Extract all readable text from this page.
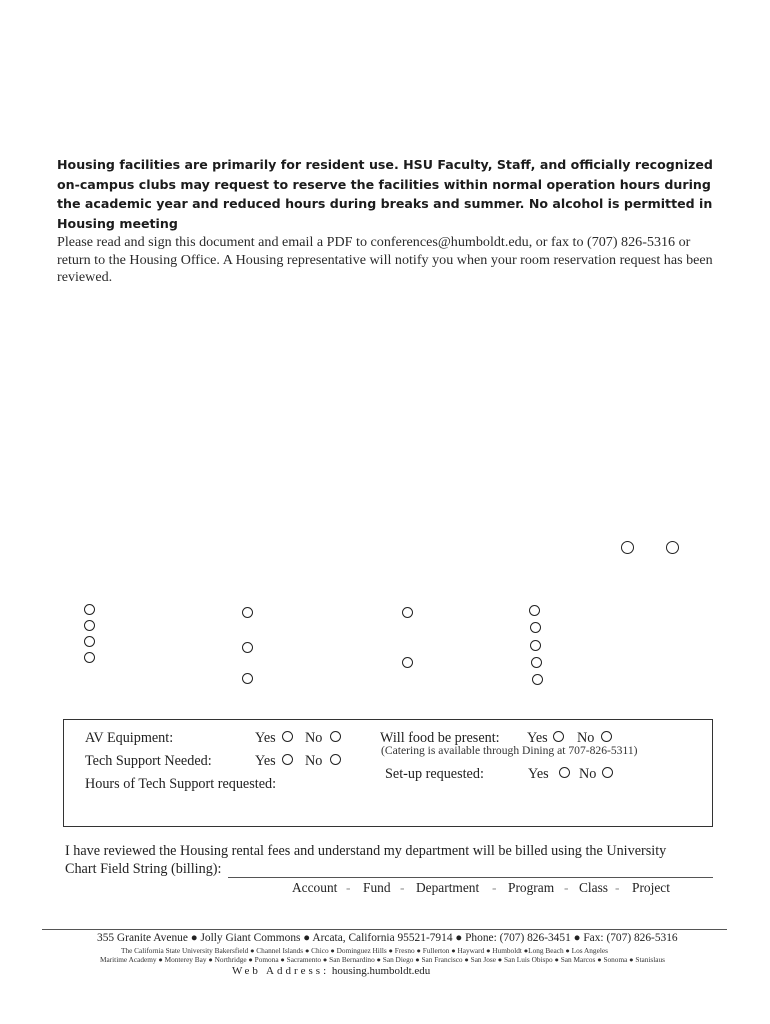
Housing facilities are primarily for resident use. HSU Faculty, Staff, and officially recognized on-campus clubs may request to reserve the facilities within normal operation hours during the academic year and reduced hours during breaks and summer. No alcohol is permitted in Housing meeting
Please read and sign this document and email a PDF to conferences@humboldt.edu, or fax to (707) 826-5316 or return to the Housing Office. A Housing representative will notify you when your room reservation request has been reviewed.
AV Equipment:	Yes No
Tech Support Needed:	Yes No
Hours of Tech Support requested:
Will food be present: Yes No
(Catering is available through Dining at 707-826-5311)
Set-up requested:	Yes No
I have reviewed the Housing rental fees and understand my department will be billed using the University
Chart Field String (billing):
Account - Fund - Department - Program - Class - Project
355 Granite Avenue ● Jolly Giant Commons ● Arcata, California 95521-7914 ● Phone: (707) 826-3451 ● Fax: (707) 826-5316
The California State University Bakersfield ● Channel Islands ● Chico ● Dominguez Hills ● Fresno ● Fullerton ● Hayward ● Humboldt ●Long Beach ● Los Angeles
Maritime Academy ● Monterey Bay ● Northridge ● Pomona ● Sacramento ● San Bernardino ● San Diego ● San Francisco ● San Jose ● San Luis Obispo ● San Marcos ● Sonoma ● Stanislaus
Web Address: housing.humboldt.edu
